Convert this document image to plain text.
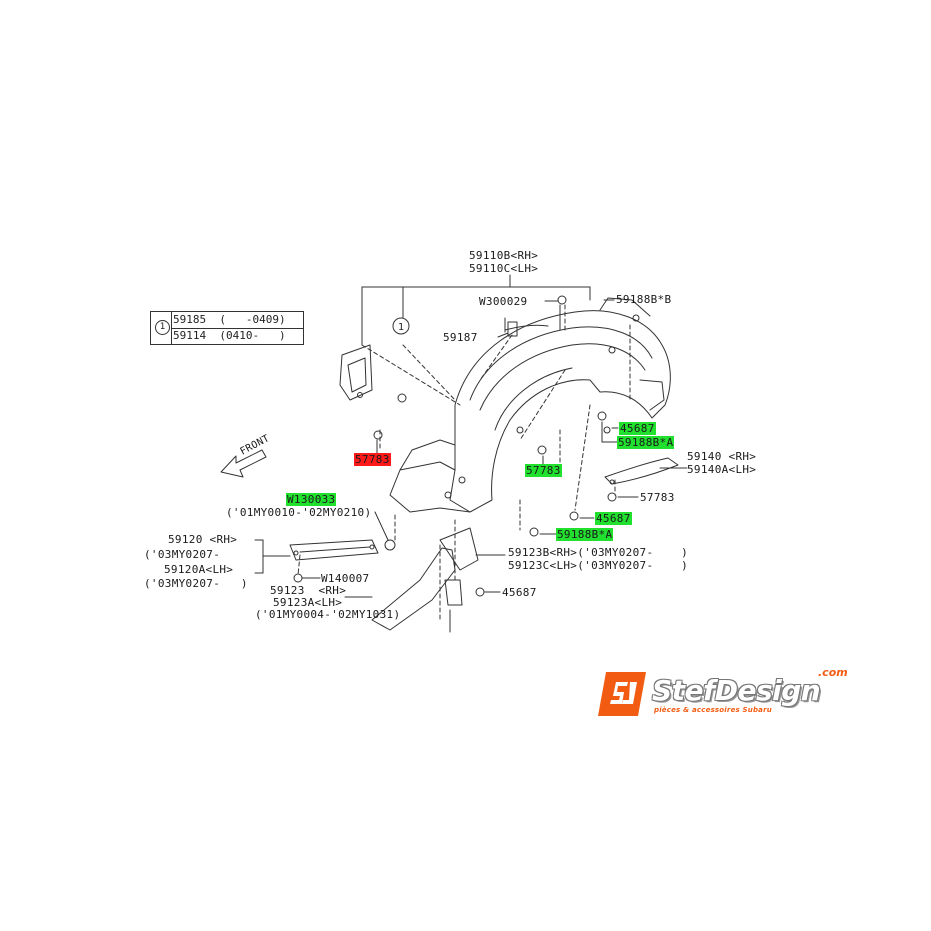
1
59110B<RH>
59110C<LH>
1
59185 (   -0409)
59114 (0410-   )
FRONT
W300029
59187
59188B*B
57783
57783
45687
59188B*A
59140 <RH>
59140A<LH>
57783
45687
59188B*A
W130033
('01MY0010-'02MY0210)
59120 <RH>
('03MY0207-
59120A<LH>
('03MY0207-   )	W140007
59123  <RH>
59123A<LH>
('01MY0004-'02MY1031)
59123B<RH>('03MY0207-    )
59123C<LH>('03MY0207-    )
45687
StefDesign
.com
pièces & accessoires Subaru
